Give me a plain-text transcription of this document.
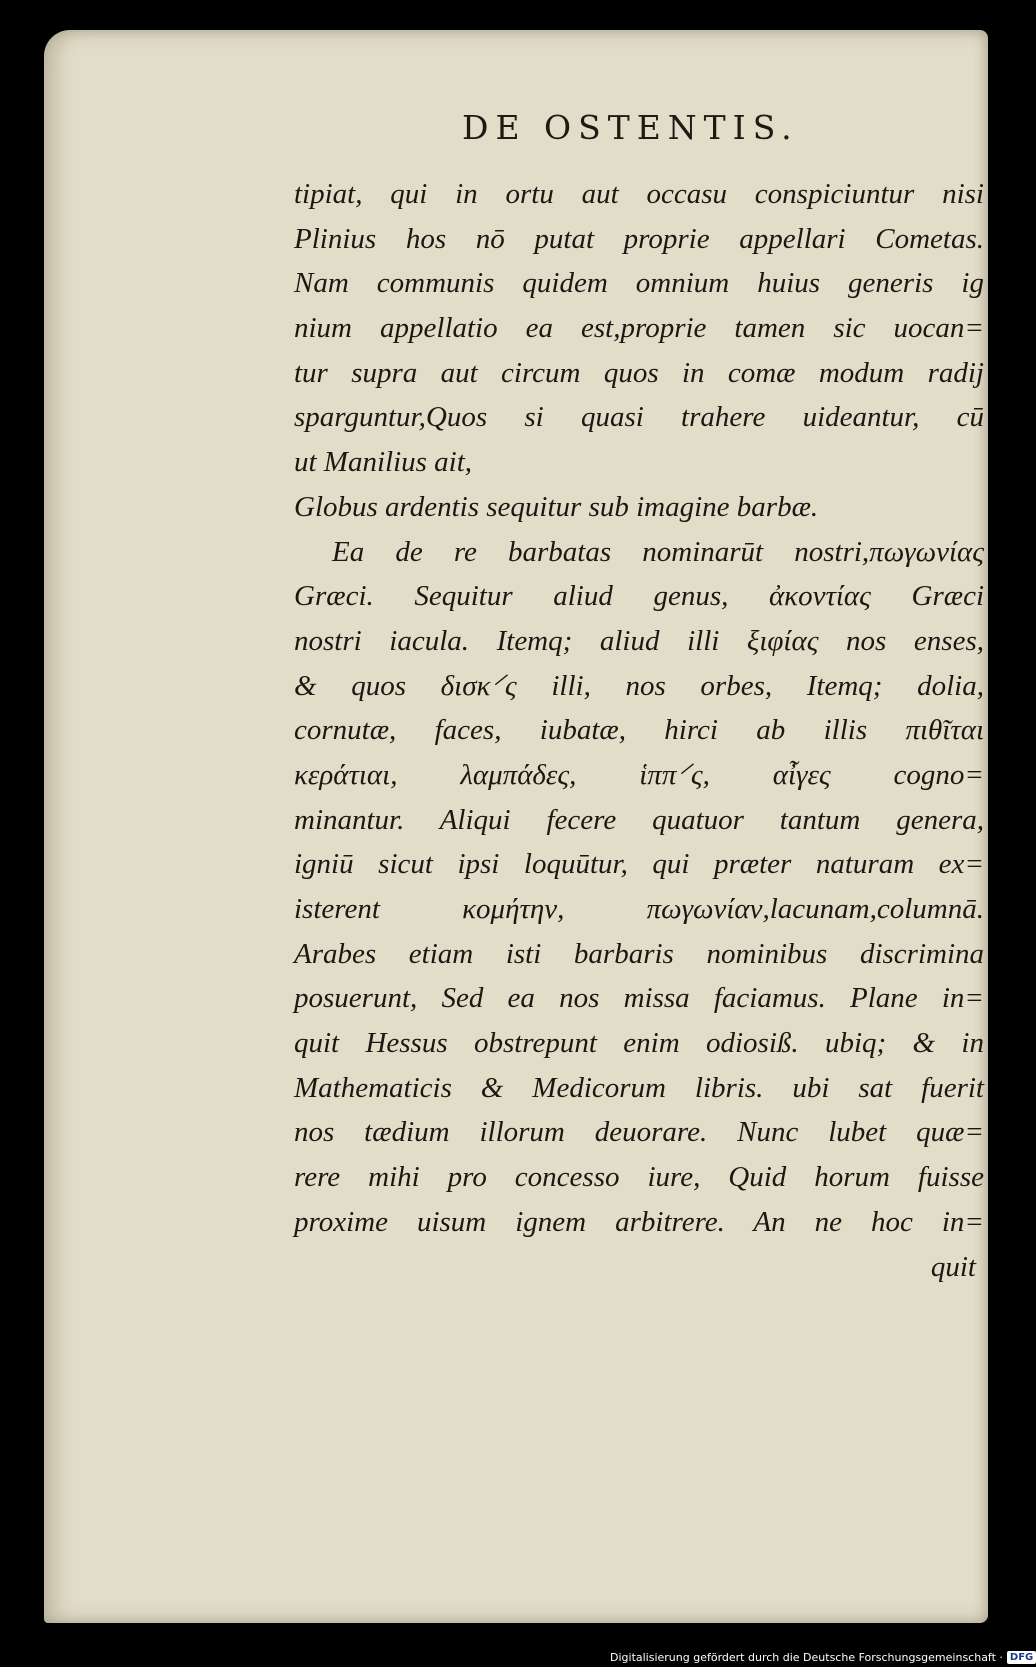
DE OSTENTIS.
tipiat, qui in ortu aut occasu conspiciuntur nisi
Plinius hos nō putat proprie appellari Cometas.
Nam communis quidem omnium huius generis ig
nium appellatio ea est,proprie tamen sic uocan=
tur supra aut circum quos in comæ modum radij
sparguntur,Quos si quasi trahere uideantur, cū
ut Manilius ait,
Globus ardentis sequitur sub imagine barbæ.
Ea de re barbatas nominarūt nostri,πωγωνίας
Græci. Sequitur aliud genus, ἀκοντίας Græci
nostri iacula. Itemq; aliud illi ξιφίας nos enses,
& quos δισκ⸍ς illi, nos orbes, Itemq; dolia,
cornutæ, faces, iubatæ, hirci ab illis πιθῖται
κεράτιαι, λαμπάδες, ἱππ⸍ς, αἶγες cogno=
minantur. Aliqui fecere quatuor tantum genera,
igniū sicut ipsi loquūtur, qui præter naturam ex=
isterent κομήτην, πωγωνίαν,lacunam,columnā.
Arabes etiam isti barbaris nominibus discrimina
posuerunt, Sed ea nos missa faciamus. Plane in=
quit Hessus obstrepunt enim odiosiß. ubiq; & in
Mathematicis & Medicorum libris. ubi sat fuerit
nos tædium illorum deuorare. Nunc lubet quæ=
rere mihi pro concesso iure, Quid horum fuisse
proxime uisum ignem arbitrere. An ne hoc in=
quit
Digitalisierung gefördert durch die Deutsche Forschungsgemeinschaft · DFG
